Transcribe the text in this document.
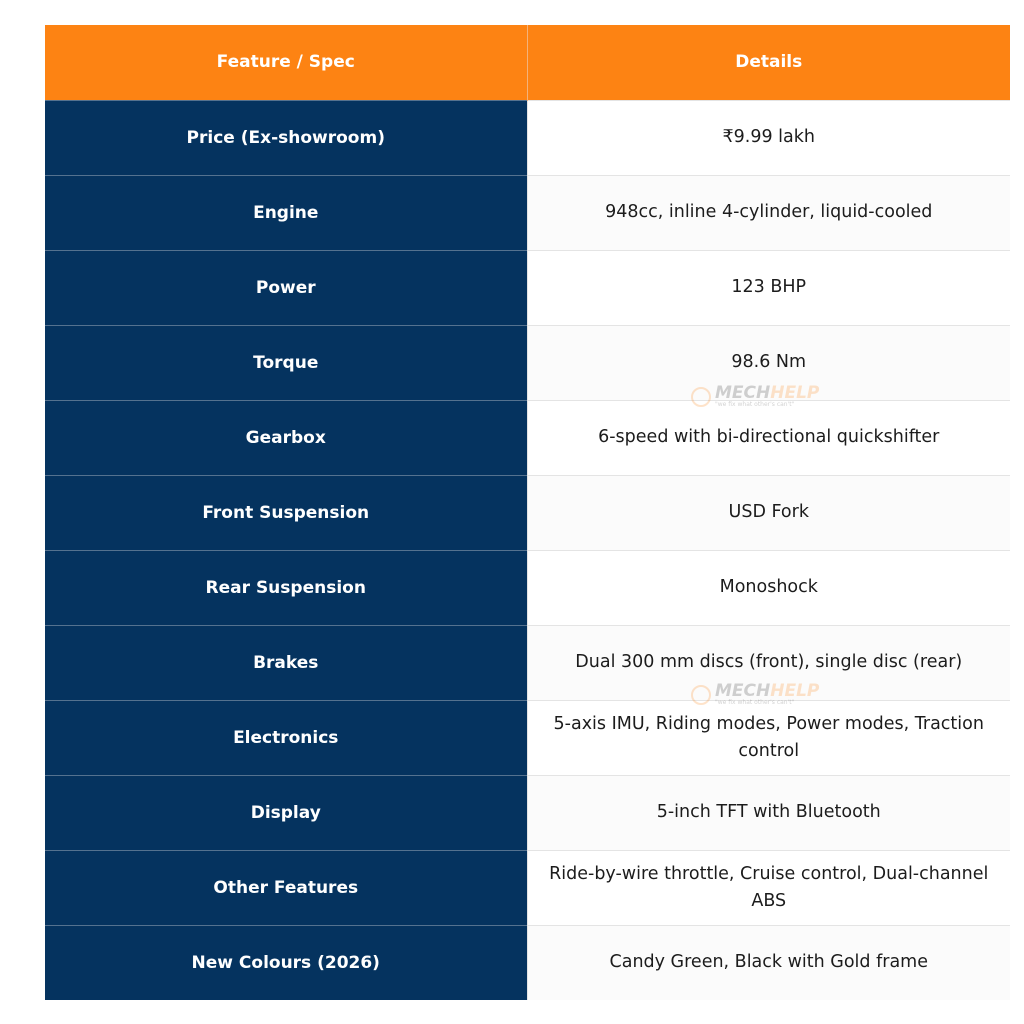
Feature / Spec	Details
Price (Ex-showroom)	₹9.99 lakh
Engine	948cc, inline 4-cylinder, liquid-cooled
Power	123 BHP
Torque	98.6 Nm
Gearbox	6-speed with bi-directional quickshifter
Front Suspension	USD Fork
Rear Suspension	Monoshock
Brakes	Dual 300 mm discs (front), single disc (rear)
Electronics	5-axis IMU, Riding modes, Power modes, Traction control
Display	5-inch TFT with Bluetooth
Other Features	Ride-by-wire throttle, Cruise control, Dual-channel ABS
New Colours (2026)	Candy Green, Black with Gold frame
MECHHELP
"we fix what other's can't"
MECHHELP
"we fix what other's can't"
